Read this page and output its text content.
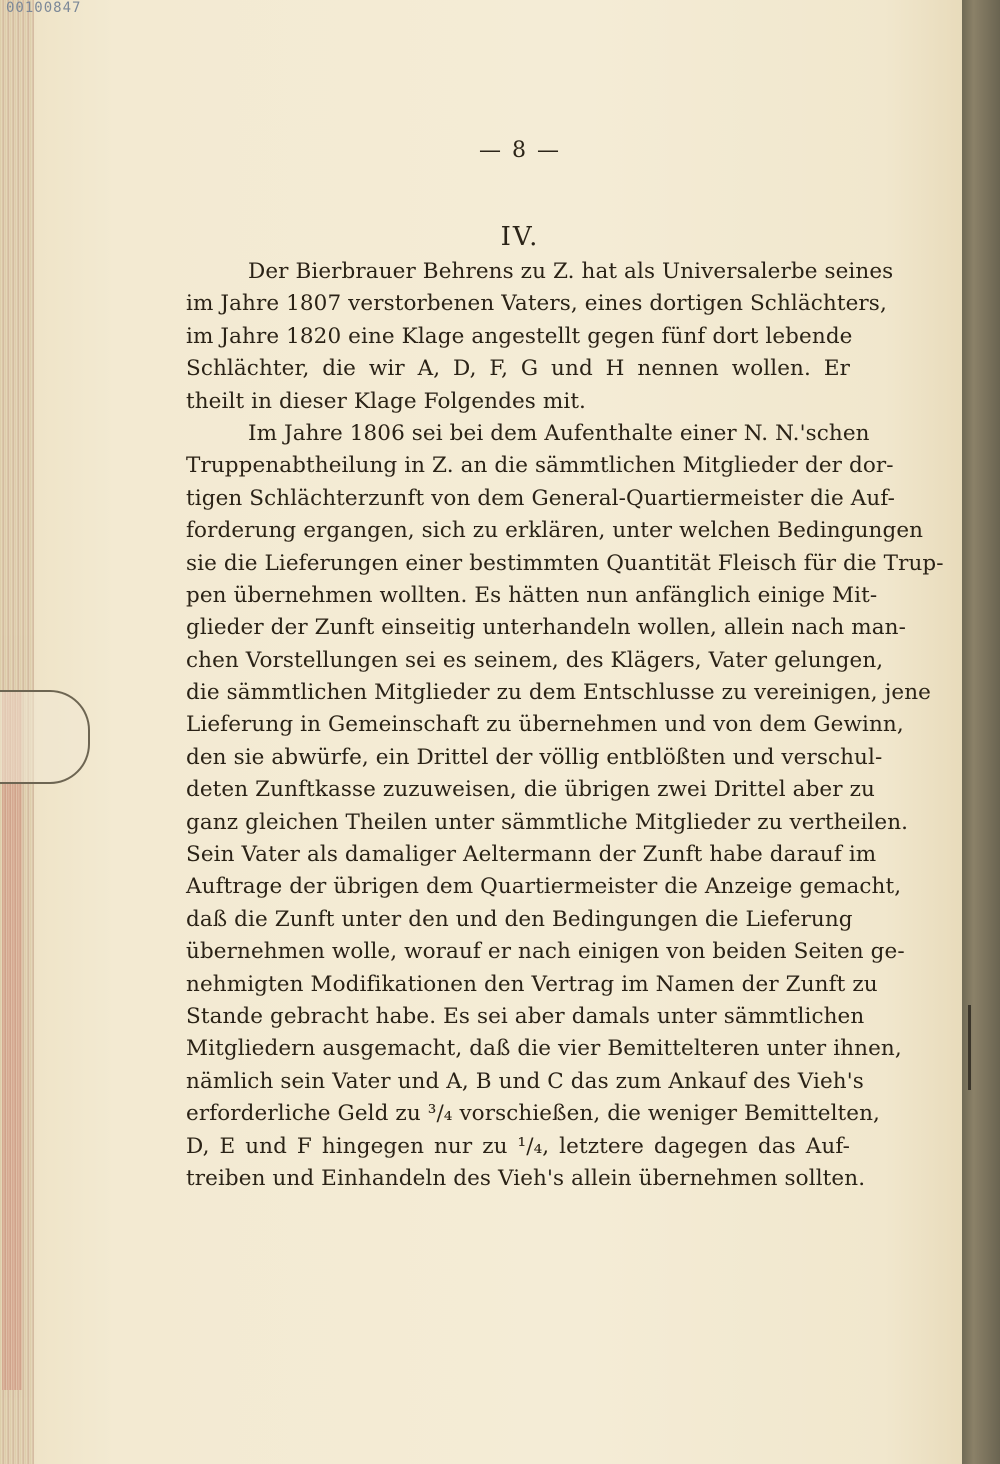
— 8 —
IV.
Der Bierbrauer Behrens zu Z. hat als Universalerbe seines
im Jahre 1807 verstorbenen Vaters, eines dortigen Schlächters,
im Jahre 1820 eine Klage angestellt gegen fünf dort lebende
Schlächter, die wir A, D, F, G und H nennen wollen. Er
theilt in dieser Klage Folgendes mit.
Im Jahre 1806 sei bei dem Aufenthalte einer N. N.'schen
Truppenabtheilung in Z. an die sämmtlichen Mitglieder der dor-
tigen Schlächterzunft von dem General-Quartiermeister die Auf-
forderung ergangen, sich zu erklären, unter welchen Bedingungen
sie die Lieferungen einer bestimmten Quantität Fleisch für die Trup-
pen übernehmen wollten. Es hätten nun anfänglich einige Mit-
glieder der Zunft einseitig unterhandeln wollen, allein nach man-
chen Vorstellungen sei es seinem, des Klägers, Vater gelungen,
die sämmtlichen Mitglieder zu dem Entschlusse zu vereinigen, jene
Lieferung in Gemeinschaft zu übernehmen und von dem Gewinn,
den sie abwürfe, ein Drittel der völlig entblößten und verschul-
deten Zunftkasse zuzuweisen, die übrigen zwei Drittel aber zu
ganz gleichen Theilen unter sämmtliche Mitglieder zu vertheilen.
Sein Vater als damaliger Aeltermann der Zunft habe darauf im
Auftrage der übrigen dem Quartiermeister die Anzeige gemacht,
daß die Zunft unter den und den Bedingungen die Lieferung
übernehmen wolle, worauf er nach einigen von beiden Seiten ge-
nehmigten Modifikationen den Vertrag im Namen der Zunft zu
Stande gebracht habe. Es sei aber damals unter sämmtlichen
Mitgliedern ausgemacht, daß die vier Bemittelteren unter ihnen,
nämlich sein Vater und A, B und C das zum Ankauf des Vieh's
erforderliche Geld zu ³/₄ vorschießen, die weniger Bemittelten,
D, E und F hingegen nur zu ¹/₄, letztere dagegen das Auf-
treiben und Einhandeln des Vieh's allein übernehmen sollten.
00100847
